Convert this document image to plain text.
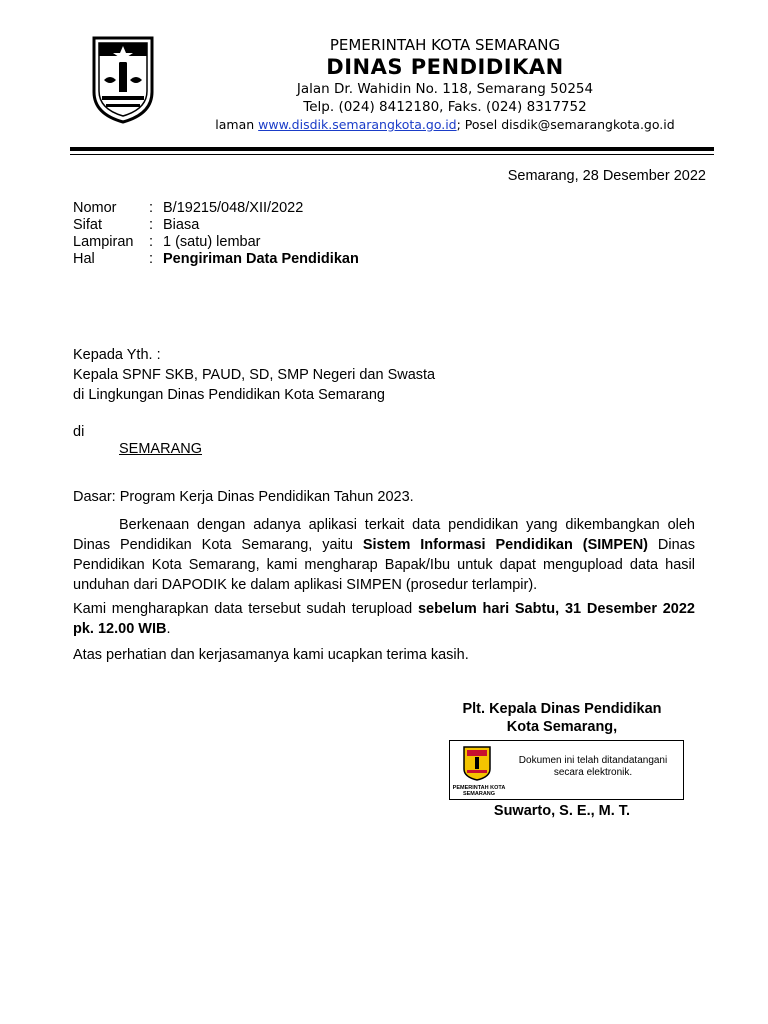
PEMERINTAH KOTA SEMARANG
DINAS PENDIDIKAN
Jalan Dr. Wahidin No. 118, Semarang 50254
Telp. (024) 8412180, Faks. (024) 8317752
laman www.disdik.semarangkota.go.id; Posel disdik@semarangkota.go.id
Semarang, 28 Desember 2022
Nomor	:	B/19215/048/XII/2022
Sifat	:	Biasa
Lampiran	:	1 (satu) lembar
Hal	:	Pengiriman Data Pendidikan
Kepada Yth. :
Kepala SPNF SKB, PAUD, SD, SMP Negeri dan Swasta
di Lingkungan Dinas Pendidikan Kota Semarang
di
SEMARANG
Dasar: Program Kerja Dinas Pendidikan Tahun 2023.
Berkenaan dengan adanya aplikasi terkait data pendidikan yang dikembangkan oleh Dinas Pendidikan Kota Semarang, yaitu Sistem Informasi Pendidikan (SIMPEN) Dinas Pendidikan Kota Semarang, kami mengharap Bapak/Ibu untuk dapat mengupload data hasil unduhan dari DAPODIK ke dalam aplikasi SIMPEN (prosedur terlampir).
Kami mengharapkan data tersebut sudah terupload sebelum hari Sabtu, 31 Desember 2022 pk. 12.00 WIB.
Atas perhatian dan kerjasamanya kami ucapkan terima kasih.
Plt. Kepala Dinas Pendidikan
Kota Semarang,
PEMERINTAH KOTA SEMARANG
Dokumen ini telah ditandatangani secara elektronik.
Suwarto, S. E., M. T.
